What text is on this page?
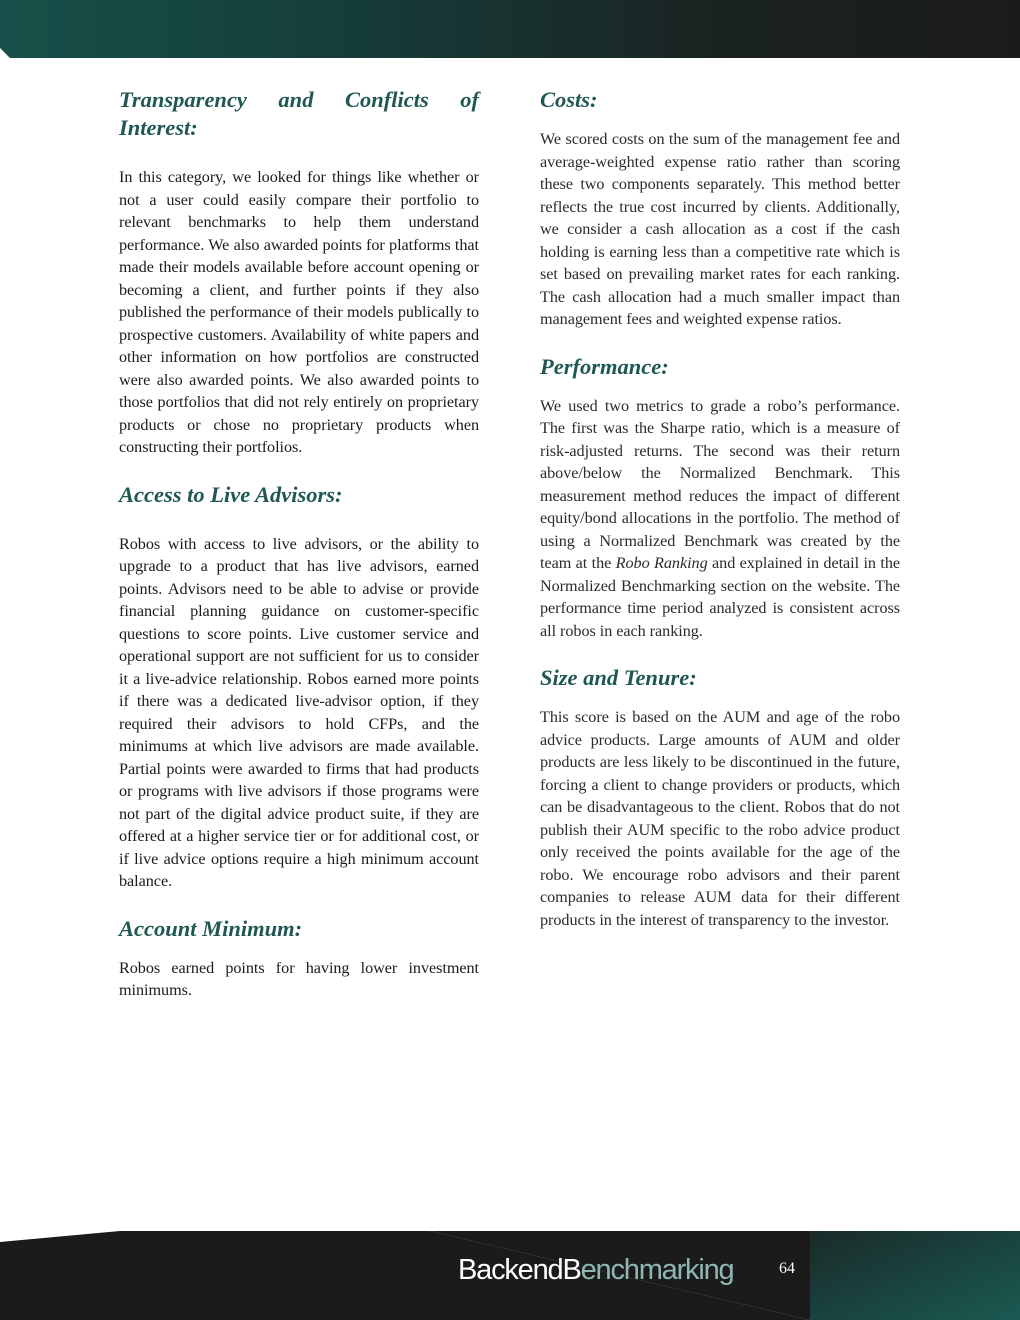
Transparency and Conflicts of Interest:

In this category, we looked for things like whether or not a user could easily compare their portfolio to relevant benchmarks to help them understand performance. We also awarded points for platforms that made their models available before account opening or becoming a client, and further points if they also published the performance of their models publically to prospective customers. Availability of white papers and other information on how portfolios are constructed were also awarded points. We also awarded points to those portfolios that did not rely entirely on proprietary products or chose no proprietary products when constructing their portfolios.

Access to Live Advisors:

Robos with access to live advisors, or the ability to upgrade to a product that has live advisors, earned points. Advisors need to be able to advise or provide financial planning guidance on customer-specific questions to score points. Live customer service and operational support are not sufficient for us to consider it a live-advice relationship. Robos earned more points if there was a dedicated live-advisor option, if they required their advisors to hold CFPs, and the minimums at which live advisors are made available. Partial points were awarded to firms that had products or programs with live advisors if those programs were not part of the digital advice product suite, if they are offered at a higher service tier or for additional cost, or if live advice options require a high minimum account balance.

Account Minimum:

Robos earned points for having lower investment minimums.

Costs:

We scored costs on the sum of the management fee and average-weighted expense ratio rather than scoring these two components separately. This method better reflects the true cost incurred by clients. Additionally, we consider a cash allocation as a cost if the cash holding is earning less than a competitive rate which is set based on prevailing market rates for each ranking. The cash allocation had a much smaller impact than management fees and weighted expense ratios.

Performance:

We used two metrics to grade a robo’s performance. The first was the Sharpe ratio, which is a measure of risk-adjusted returns. The second was their return above/below the Normalized Benchmark. This measurement method reduces the impact of different equity/bond allocations in the portfolio. The method of using a Normalized Benchmark was created by the team at the Robo Ranking and explained in detail in the Normalized Benchmarking section on the website. The performance time period analyzed is consistent across all robos in each ranking.

Size and Tenure:

This score is based on the AUM and age of the robo advice products. Large amounts of AUM and older products are less likely to be discontinued in the future, forcing a client to change providers or products, which can be disadvantageous to the client. Robos that do not publish their AUM specific to the robo advice product only received the points available for the age of the robo. We encourage robo advisors and their parent companies to release AUM data for their different products in the interest of transparency to the investor.

BackendBenchmarking	64
